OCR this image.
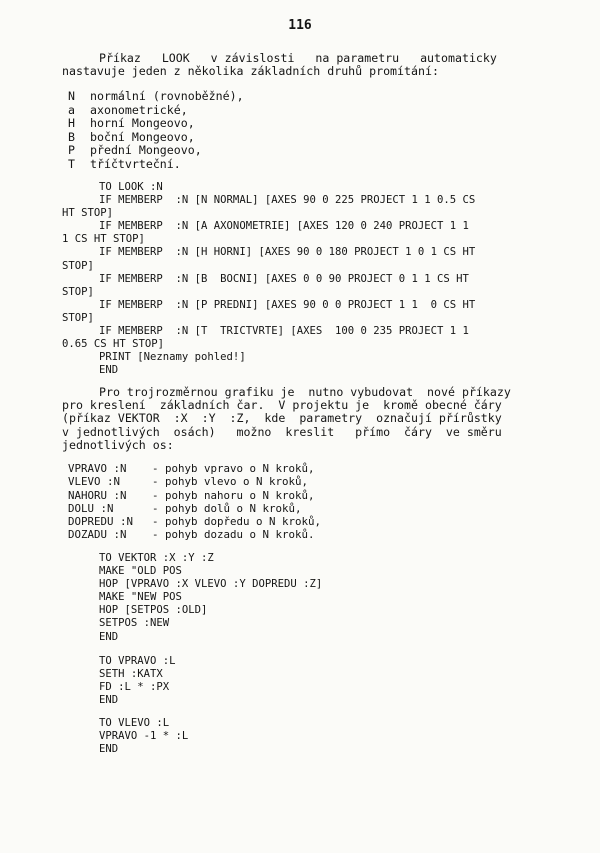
116
Příkaz   LOOK   v závislosti   na parametru   automaticky
nastavuje jeden z několika základních druhů promítání:
N normální (rovnoběžné),
a axonometrické,
H horní Mongeovo,
B boční Mongeovo,
P přední Mongeovo,
T tříčtvrteční.
TO LOOK :N
IF MEMBERP  :N [N NORMAL] [AXES 90 0 225 PROJECT 1 1 0.5 CS
HT STOP]
IF MEMBERP  :N [A AXONOMETRIE] [AXES 120 0 240 PROJECT 1 1
1 CS HT STOP]
IF MEMBERP  :N [H HORNI] [AXES 90 0 180 PROJECT 1 0 1 CS HT
STOP]
IF MEMBERP  :N [B  BOCNI] [AXES 0 0 90 PROJECT 0 1 1 CS HT
STOP]
IF MEMBERP  :N [P PREDNI] [AXES 90 0 0 PROJECT 1 1  0 CS HT
STOP]
IF MEMBERP  :N [T  TRICTVRTE] [AXES  100 0 235 PROJECT 1 1
0.65 CS HT STOP]
PRINT [Neznamy pohled!]
END
Pro trojrozměrnou grafiku je  nutno vybudovat  nové příkazy
pro kreslení  základních čar.  V projektu je  kromě obecné čáry
(příkaz VEKTOR  :X  :Y  :Z,  kde  parametry  označují přírůstky
v jednotlivých  osách)   možno  kreslit   přímo  čáry  ve směru
jednotlivých os:
VPRAVO :N - pohyb vpravo o N kroků,
VLEVO :N	- pohyb vlevo o N kroků,
NAHORU :N - pohyb nahoru o N kroků,
DOLU :N	- pohyb dolů o N kroků,
DOPREDU :N - pohyb dopředu o N kroků,
DOZADU :N - pohyb dozadu o N kroků.
TO VEKTOR :X :Y :Z
MAKE "OLD POS
HOP [VPRAVO :X VLEVO :Y DOPREDU :Z]
MAKE "NEW POS
HOP [SETPOS :OLD]
SETPOS :NEW
END
TO VPRAVO :L
SETH :KATX
FD :L * :PX
END
TO VLEVO :L
VPRAVO -1 * :L
END
